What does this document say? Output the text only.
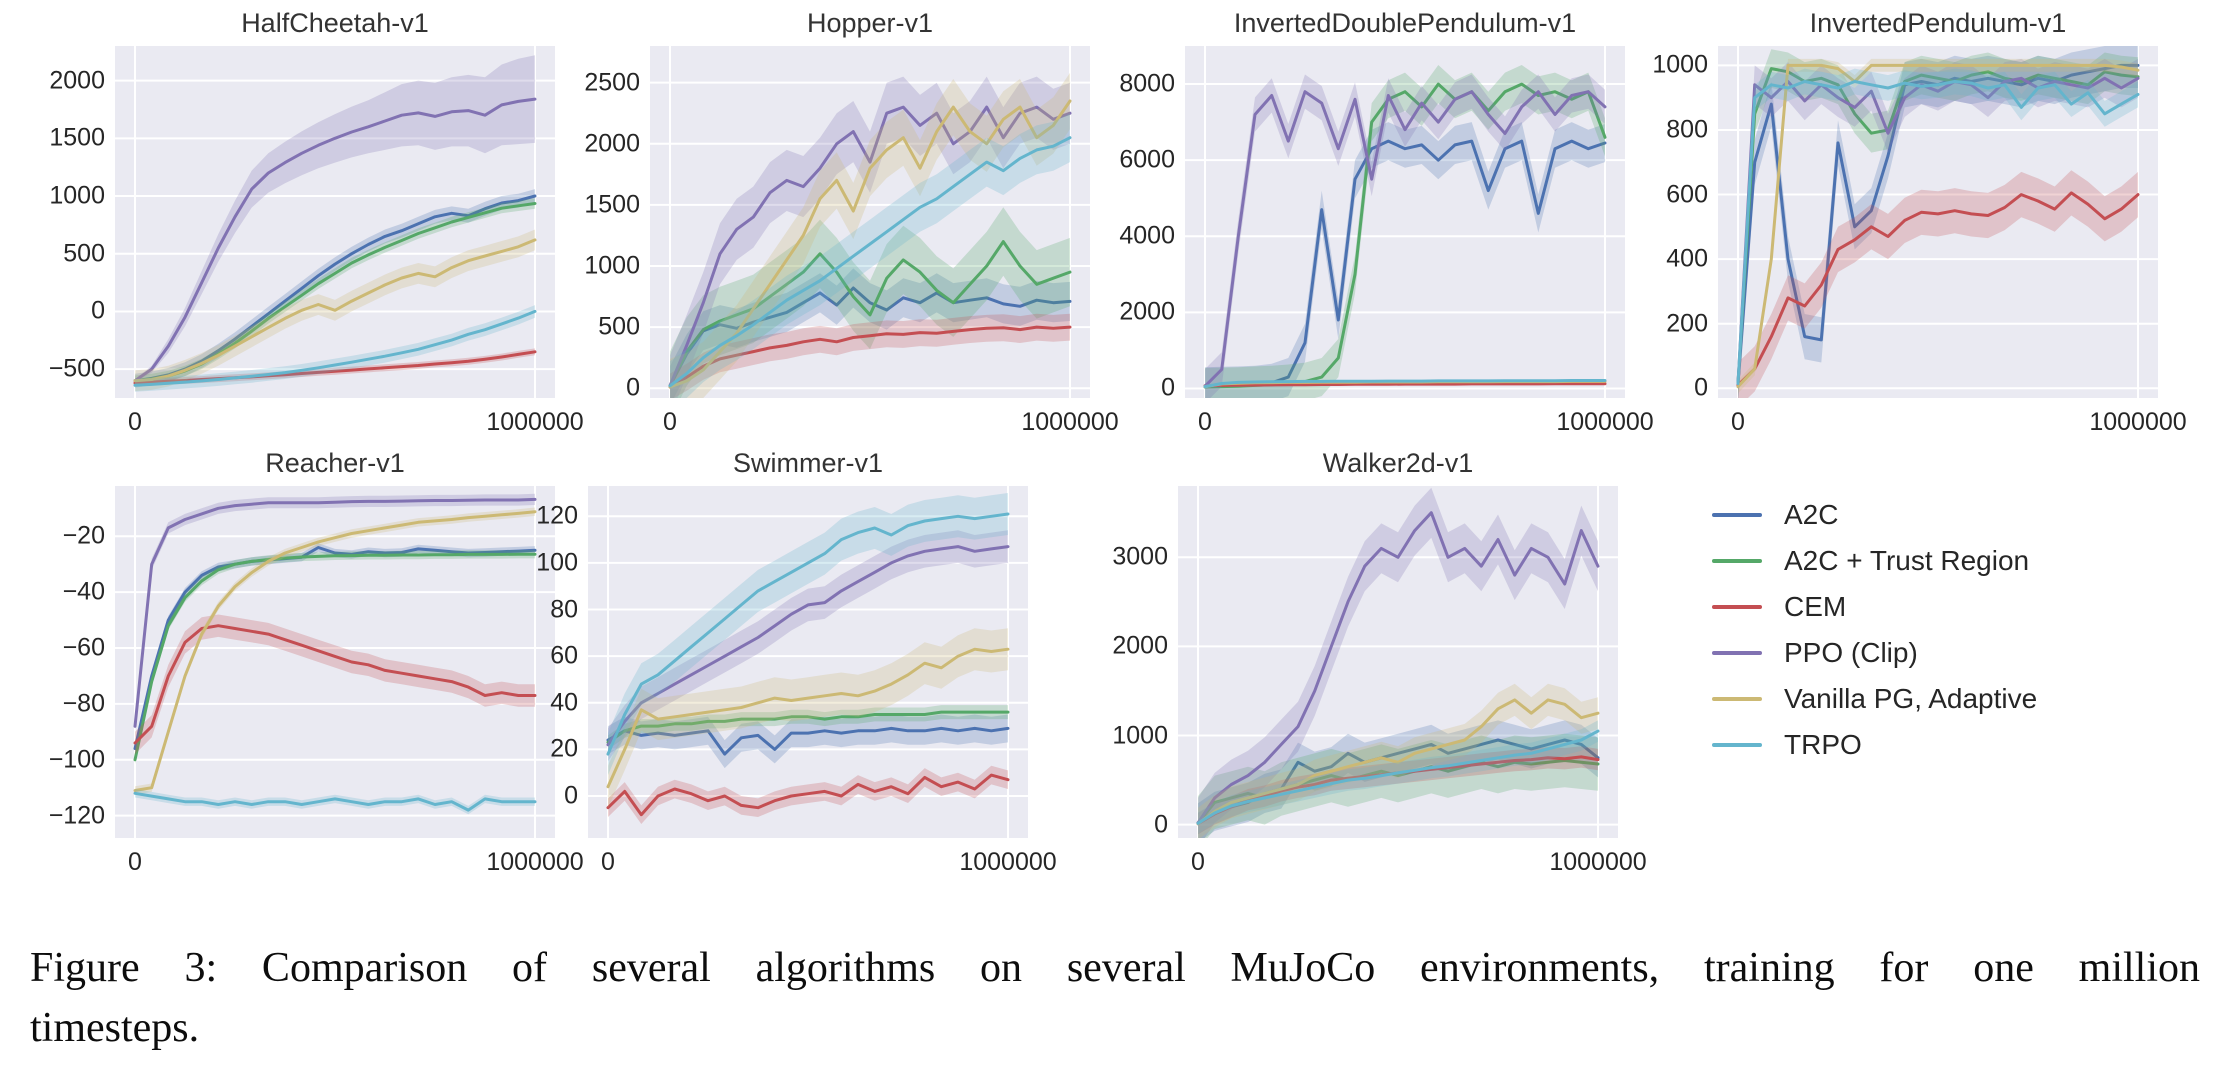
HalfCheetah-v1
−500
0
500
1000
1500
2000
0	1000000
Hopper-v1
0
500
1000
1500
2000
2500
0	1000000
InvertedDoublePendulum-v1
0
2000
4000
6000
8000
0	1000000
InvertedPendulum-v1
0
200
400
600
800
1000
0	1000000
Reacher-v1
−120
−100
−80
−60
−40
−20
0	1000000
Swimmer-v1
0
20
40
60
80
100
120
0	1000000
Walker2d-v1
0
1000
2000
3000
0	1000000
A2C
A2C + Trust Region
CEM
PPO (Clip)
Vanilla PG, Adaptive
TRPO
Figure 3: Comparison of several algorithms on several MuJoCo environments, training for one million
timesteps.
